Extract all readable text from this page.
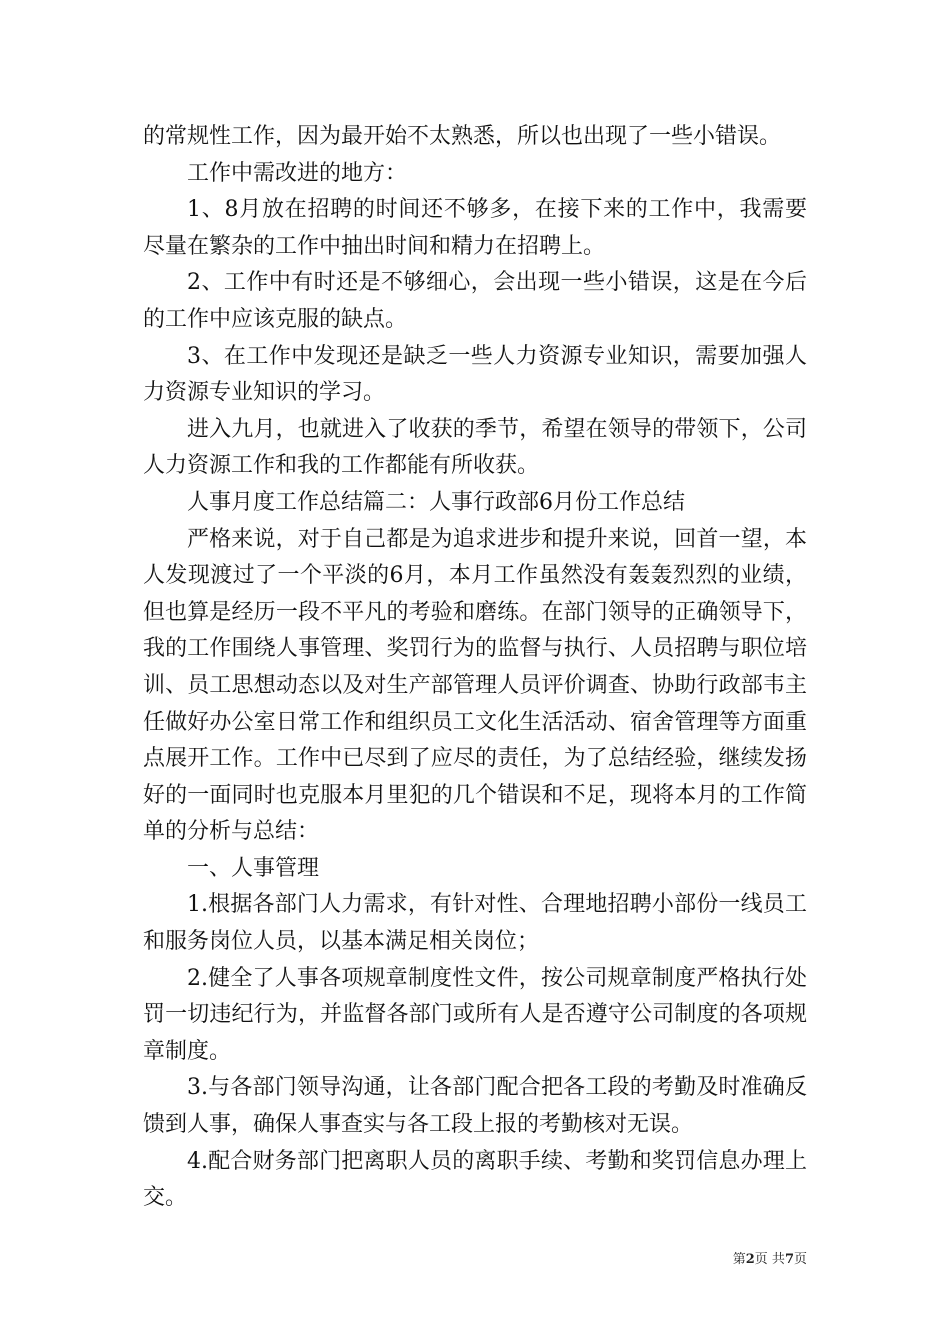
的常规性工作，因为最开始不太熟悉，所以也出现了一些小错误。

工作中需改进的地方：

1、8月放在招聘的时间还不够多，在接下来的工作中，我需要尽量在繁杂的工作中抽出时间和精力在招聘上。

2、工作中有时还是不够细心，会出现一些小错误，这是在今后的工作中应该克服的缺点。

3、在工作中发现还是缺乏一些人力资源专业知识，需要加强人力资源专业知识的学习。

进入九月，也就进入了收获的季节，希望在领导的带领下，公司人力资源工作和我的工作都能有所收获。

人事月度工作总结篇二：人事行政部6月份工作总结

严格来说，对于自己都是为追求进步和提升来说，回首一望，本人发现渡过了一个平淡的6月，本月工作虽然没有轰轰烈烈的业绩，但也算是经历一段不平凡的考验和磨练。在部门领导的正确领导下，我的工作围绕人事管理、奖罚行为的监督与执行、人员招聘与职位培训、员工思想动态以及对生产部管理人员评价调查、协助行政部韦主任做好办公室日常工作和组织员工文化生活活动、宿舍管理等方面重点展开工作。工作中已尽到了应尽的责任，为了总结经验，继续发扬好的一面同时也克服本月里犯的几个错误和不足，现将本月的工作简单的分析与总结：

一、人事管理

1.根据各部门人力需求，有针对性、合理地招聘小部份一线员工和服务岗位人员，以基本满足相关岗位；

2.健全了人事各项规章制度性文件，按公司规章制度严格执行处罚一切违纪行为，并监督各部门或所有人是否遵守公司制度的各项规章制度。

3.与各部门领导沟通，让各部门配合把各工段的考勤及时准确反馈到人事，确保人事查实与各工段上报的考勤核对无误。

4.配合财务部门把离职人员的离职手续、考勤和奖罚信息办理上交。

第2页 共7页
